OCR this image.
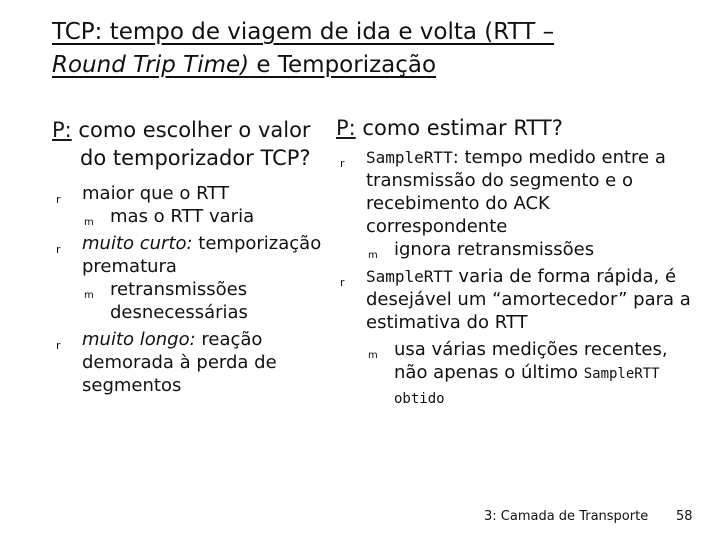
TCP: tempo de viagem de ida e volta (RTT –
Round Trip Time) e Temporização
P: como escolher o valor do temporizador TCP?
r maior que o RTT
m mas o RTT varia
r muito curto: temporização prematura
m retransmissões desnecessárias
r muito longo: reação demorada à perda de segmentos
P: como estimar RTT?
r SampleRTT: tempo medido entre a transmissão do segmento e o recebimento do ACK correspondente
m ignora retransmissões
r SampleRTT varia de forma rápida, é desejável um “amortecedor” para a estimativa do RTT
m usa várias medições recentes, não apenas o último SampleRTT obtido
3: Camada de Transporte 58
